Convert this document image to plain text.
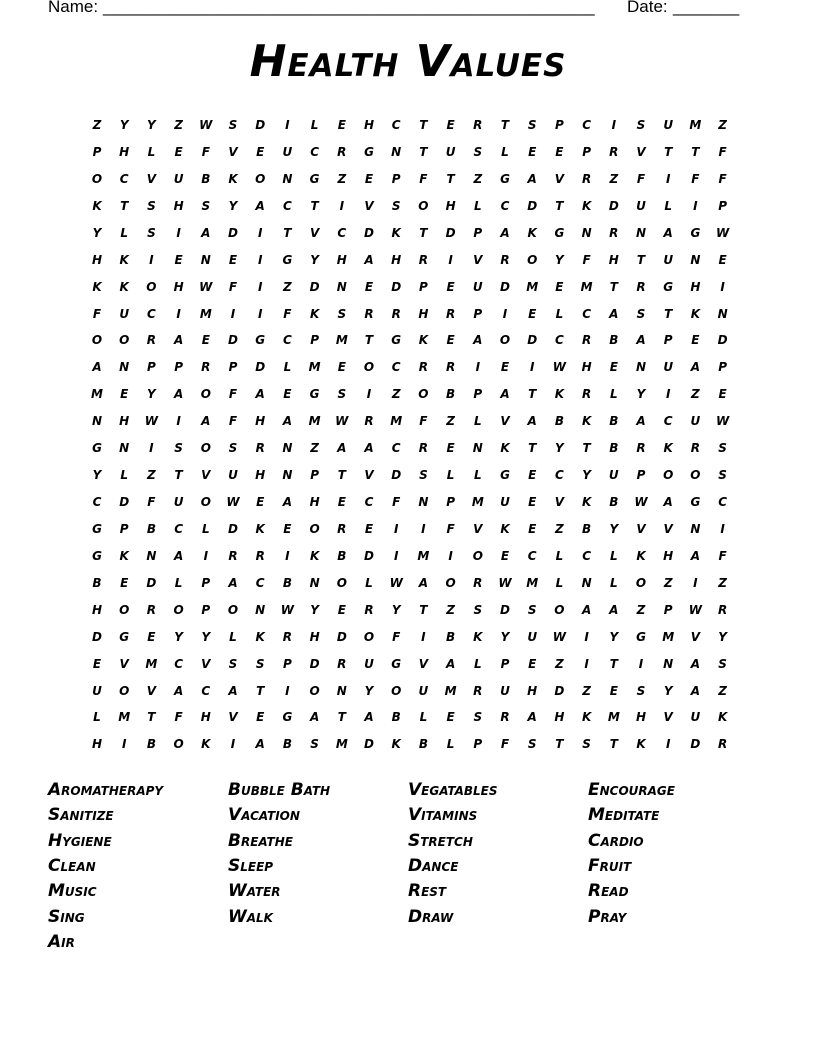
Name: ____________________________________________________ Date: _______
Health Values
Z	Y	Y	Z	W	S	D	I	L	E	H	C	T	E	R	T	S	P	C	I	S	U	M	Z
P	H	L	E	F	V	E	U	C	R	G	N	T	U	S	L	E	E	P	R	V	T	T	F
O	C	V	U	B	K	O	N	G	Z	E	P	F	T	Z	G	A	V	R	Z	F	I	F	F
K	T	S	H	S	Y	A	C	T	I	V	S	O	H	L	C	D	T	K	D	U	L	I	P
Y	L	S	I	A	D	I	T	V	C	D	K	T	D	P	A	K	G	N	R	N	A	G	W
H	K	I	E	N	E	I	G	Y	H	A	H	R	I	V	R	O	Y	F	H	T	U	N	E
K	K	O	H	W	F	I	Z	D	N	E	D	P	E	U	D	M	E	M	T	R	G	H	I
F	U	C	I	M	I	I	F	K	S	R	R	H	R	P	I	E	L	C	A	S	T	K	N
O	O	R	A	E	D	G	C	P	M	T	G	K	E	A	O	D	C	R	B	A	P	E	D
A	N	P	P	R	P	D	L	M	E	O	C	R	R	I	E	I	W	H	E	N	U	A	P
M	E	Y	A	O	F	A	E	G	S	I	Z	O	B	P	A	T	K	R	L	Y	I	Z	E
N	H	W	I	A	F	H	A	M	W	R	M	F	Z	L	V	A	B	K	B	A	C	U	W
G	N	I	S	O	S	R	N	Z	A	A	C	R	E	N	K	T	Y	T	B	R	K	R	S
Y	L	Z	T	V	U	H	N	P	T	V	D	S	L	L	G	E	C	Y	U	P	O	O	S
C	D	F	U	O	W	E	A	H	E	C	F	N	P	M	U	E	V	K	B	W	A	G	C
G	P	B	C	L	D	K	E	O	R	E	I	I	F	V	K	E	Z	B	Y	V	V	N	I
G	K	N	A	I	R	R	I	K	B	D	I	M	I	O	E	C	L	C	L	K	H	A	F
B	E	D	L	P	A	C	B	N	O	L	W	A	O	R	W	M	L	N	L	O	Z	I	Z
H	O	R	O	P	O	N	W	Y	E	R	Y	T	Z	S	D	S	O	A	A	Z	P	W	R
D	G	E	Y	Y	L	K	R	H	D	O	F	I	B	K	Y	U	W	I	Y	G	M	V	Y
E	V	M	C	V	S	S	P	D	R	U	G	V	A	L	P	E	Z	I	T	I	N	A	S
U	O	V	A	C	A	T	I	O	N	Y	O	U	M	R	U	H	D	Z	E	S	Y	A	Z
L	M	T	F	H	V	E	G	A	T	A	B	L	E	S	R	A	H	K	M	H	V	U	K
H	I	B	O	K	I	A	B	S	M	D	K	B	L	P	F	S	T	S	T	K	I	D	R
Aromatherapy
Sanitize
Hygiene
Clean
Music
Sing
Air
Bubble Bath
Vacation
Breathe
Sleep
Water
Walk
Vegatables
Vitamins
Stretch
Dance
Rest
Draw
Encourage
Meditate
Cardio
Fruit
Read
Pray
